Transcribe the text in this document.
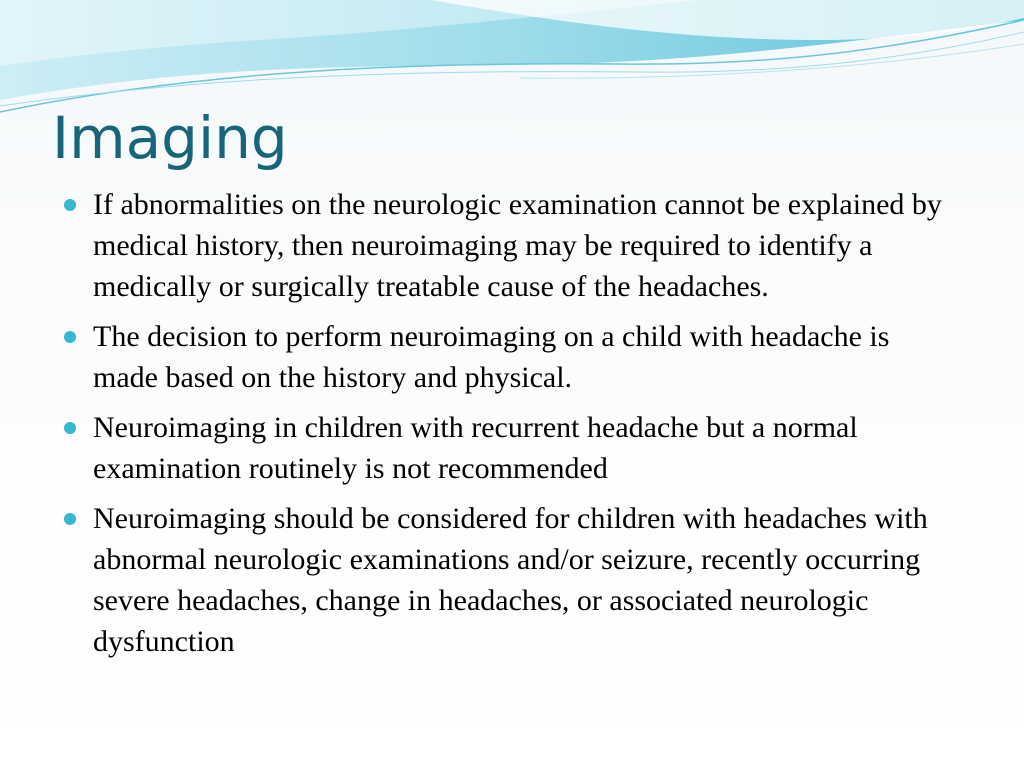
Imaging
If abnormalities on the neurologic examination cannot be explained by medical history, then neuroimaging may be required to identify a medically or surgically treatable cause of the headaches.
The decision to perform neuroimaging on a child with headache is made based on the history and physical.
Neuroimaging in children with recurrent headache but a normal examination routinely is not recommended
Neuroimaging should be considered for children with headaches with abnormal neurologic examinations and/or seizure, recently occurring severe headaches, change in headaches, or associated neurologic dysfunction
